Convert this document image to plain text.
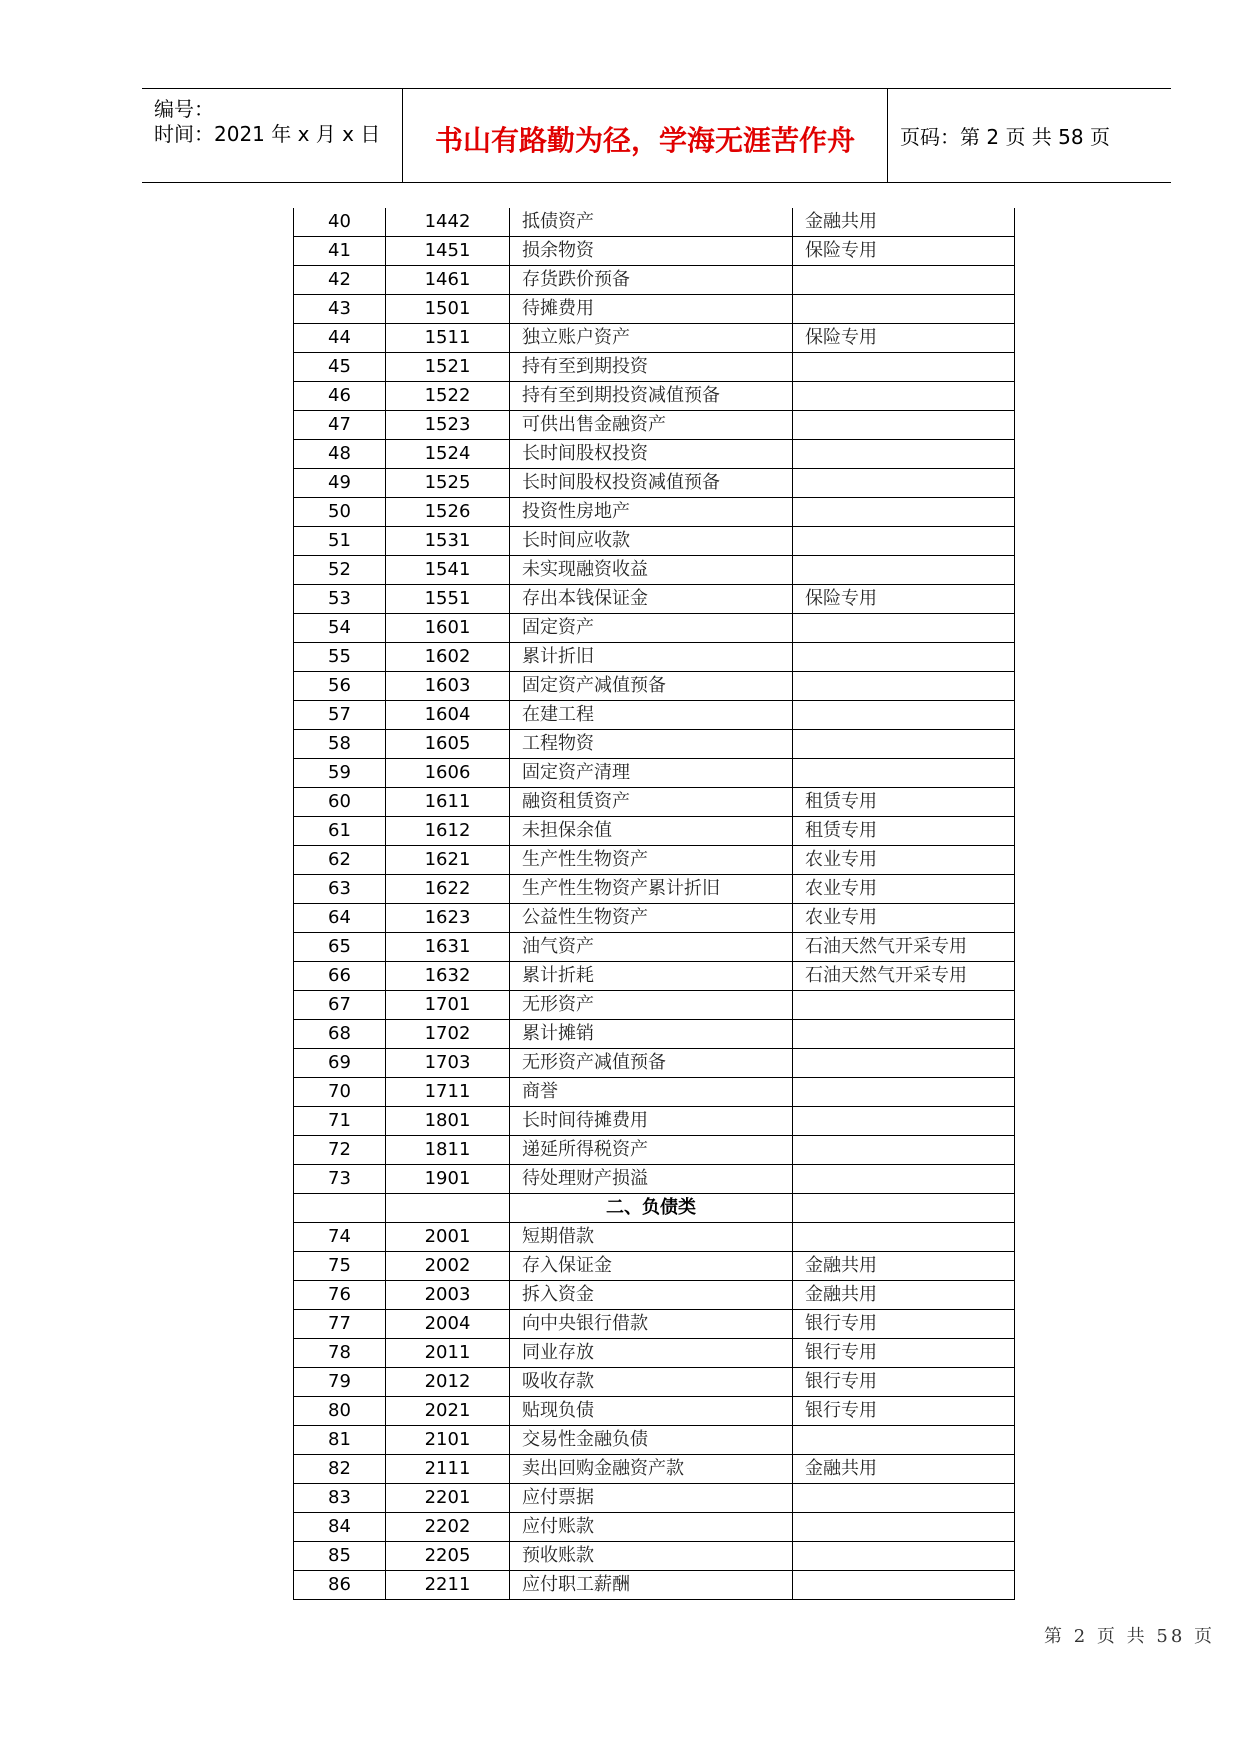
编号：
时间：2021 年 x 月 x 日	书山有路勤为径，学海无涯苦作舟	页码：第 2 页 共 58 页
40	1442	抵债资产	金融共用
41	1451	损余物资	保险专用
42	1461	存货跌价预备	
43	1501	待摊费用	
44	1511	独立账户资产	保险专用
45	1521	持有至到期投资	
46	1522	持有至到期投资减值预备	
47	1523	可供出售金融资产	
48	1524	长时间股权投资	
49	1525	长时间股权投资减值预备	
50	1526	投资性房地产	
51	1531	长时间应收款	
52	1541	未实现融资收益	
53	1551	存出本钱保证金	保险专用
54	1601	固定资产	
55	1602	累计折旧	
56	1603	固定资产减值预备	
57	1604	在建工程	
58	1605	工程物资	
59	1606	固定资产清理	
60	1611	融资租赁资产	租赁专用
61	1612	未担保余值	租赁专用
62	1621	生产性生物资产	农业专用
63	1622	生产性生物资产累计折旧	农业专用
64	1623	公益性生物资产	农业专用
65	1631	油气资产	石油天然气开采专用
66	1632	累计折耗	石油天然气开采专用
67	1701	无形资产	
68	1702	累计摊销	
69	1703	无形资产减值预备	
70	1711	商誉	
71	1801	长时间待摊费用	
72	1811	递延所得税资产	
73	1901	待处理财产损溢	
		二、负债类	
74	2001	短期借款	
75	2002	存入保证金	金融共用
76	2003	拆入资金	金融共用
77	2004	向中央银行借款	银行专用
78	2011	同业存放	银行专用
79	2012	吸收存款	银行专用
80	2021	贴现负债	银行专用
81	2101	交易性金融负债	
82	2111	卖出回购金融资产款	金融共用
83	2201	应付票据	
84	2202	应付账款	
85	2205	预收账款	
86	2211	应付职工薪酬	
第 2 页 共 58 页
